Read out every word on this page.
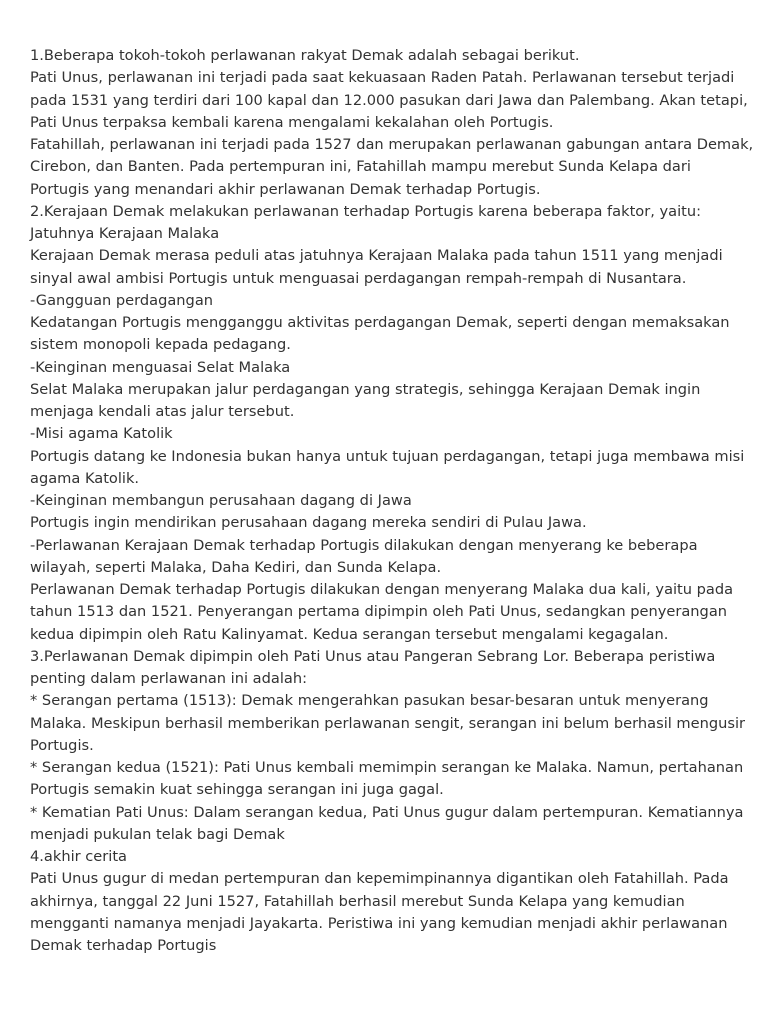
1.Beberapa tokoh-tokoh perlawanan rakyat Demak adalah sebagai berikut.

Pati Unus, perlawanan ini terjadi pada saat kekuasaan Raden Patah. Perlawanan tersebut terjadi

pada 1531 yang terdiri dari 100 kapal dan 12.000 pasukan dari Jawa dan Palembang. Akan tetapi,

Pati Unus terpaksa kembali karena mengalami kekalahan oleh Portugis.

Fatahillah, perlawanan ini terjadi pada 1527 dan merupakan perlawanan gabungan antara Demak,

Cirebon, dan Banten. Pada pertempuran ini, Fatahillah mampu merebut Sunda Kelapa dari

Portugis yang menandari akhir perlawanan Demak terhadap Portugis.

2.Kerajaan Demak melakukan perlawanan terhadap Portugis karena beberapa faktor, yaitu:

Jatuhnya Kerajaan Malaka

Kerajaan Demak merasa peduli atas jatuhnya Kerajaan Malaka pada tahun 1511 yang menjadi

sinyal awal ambisi Portugis untuk menguasai perdagangan rempah-rempah di Nusantara.

-Gangguan perdagangan

Kedatangan Portugis mengganggu aktivitas perdagangan Demak, seperti dengan memaksakan

sistem monopoli kepada pedagang.

-Keinginan menguasai Selat Malaka

Selat Malaka merupakan jalur perdagangan yang strategis, sehingga Kerajaan Demak ingin

menjaga kendali atas jalur tersebut.

-Misi agama Katolik

Portugis datang ke Indonesia bukan hanya untuk tujuan perdagangan, tetapi juga membawa misi

agama Katolik.

-Keinginan membangun perusahaan dagang di Jawa

Portugis ingin mendirikan perusahaan dagang mereka sendiri di Pulau Jawa.

-Perlawanan Kerajaan Demak terhadap Portugis dilakukan dengan menyerang ke beberapa

wilayah, seperti Malaka, Daha Kediri, dan Sunda Kelapa.

Perlawanan Demak terhadap Portugis dilakukan dengan menyerang Malaka dua kali, yaitu pada

tahun 1513 dan 1521. Penyerangan pertama dipimpin oleh Pati Unus, sedangkan penyerangan

kedua dipimpin oleh Ratu Kalinyamat. Kedua serangan tersebut mengalami kegagalan.

3.Perlawanan Demak dipimpin oleh Pati Unus atau Pangeran Sebrang Lor. Beberapa peristiwa

penting dalam perlawanan ini adalah:

* Serangan pertama (1513): Demak mengerahkan pasukan besar-besaran untuk menyerang

Malaka. Meskipun berhasil memberikan perlawanan sengit, serangan ini belum berhasil mengusir

Portugis.

* Serangan kedua (1521): Pati Unus kembali memimpin serangan ke Malaka. Namun, pertahanan

Portugis semakin kuat sehingga serangan ini juga gagal.

* Kematian Pati Unus: Dalam serangan kedua, Pati Unus gugur dalam pertempuran. Kematiannya

menjadi pukulan telak bagi Demak

4.akhir cerita

Pati Unus gugur di medan pertempuran dan kepemimpinannya digantikan oleh Fatahillah. Pada

akhirnya, tanggal 22 Juni 1527, Fatahillah berhasil merebut Sunda Kelapa yang kemudian

mengganti namanya menjadi Jayakarta. Peristiwa ini yang kemudian menjadi akhir perlawanan

Demak terhadap Portugis
